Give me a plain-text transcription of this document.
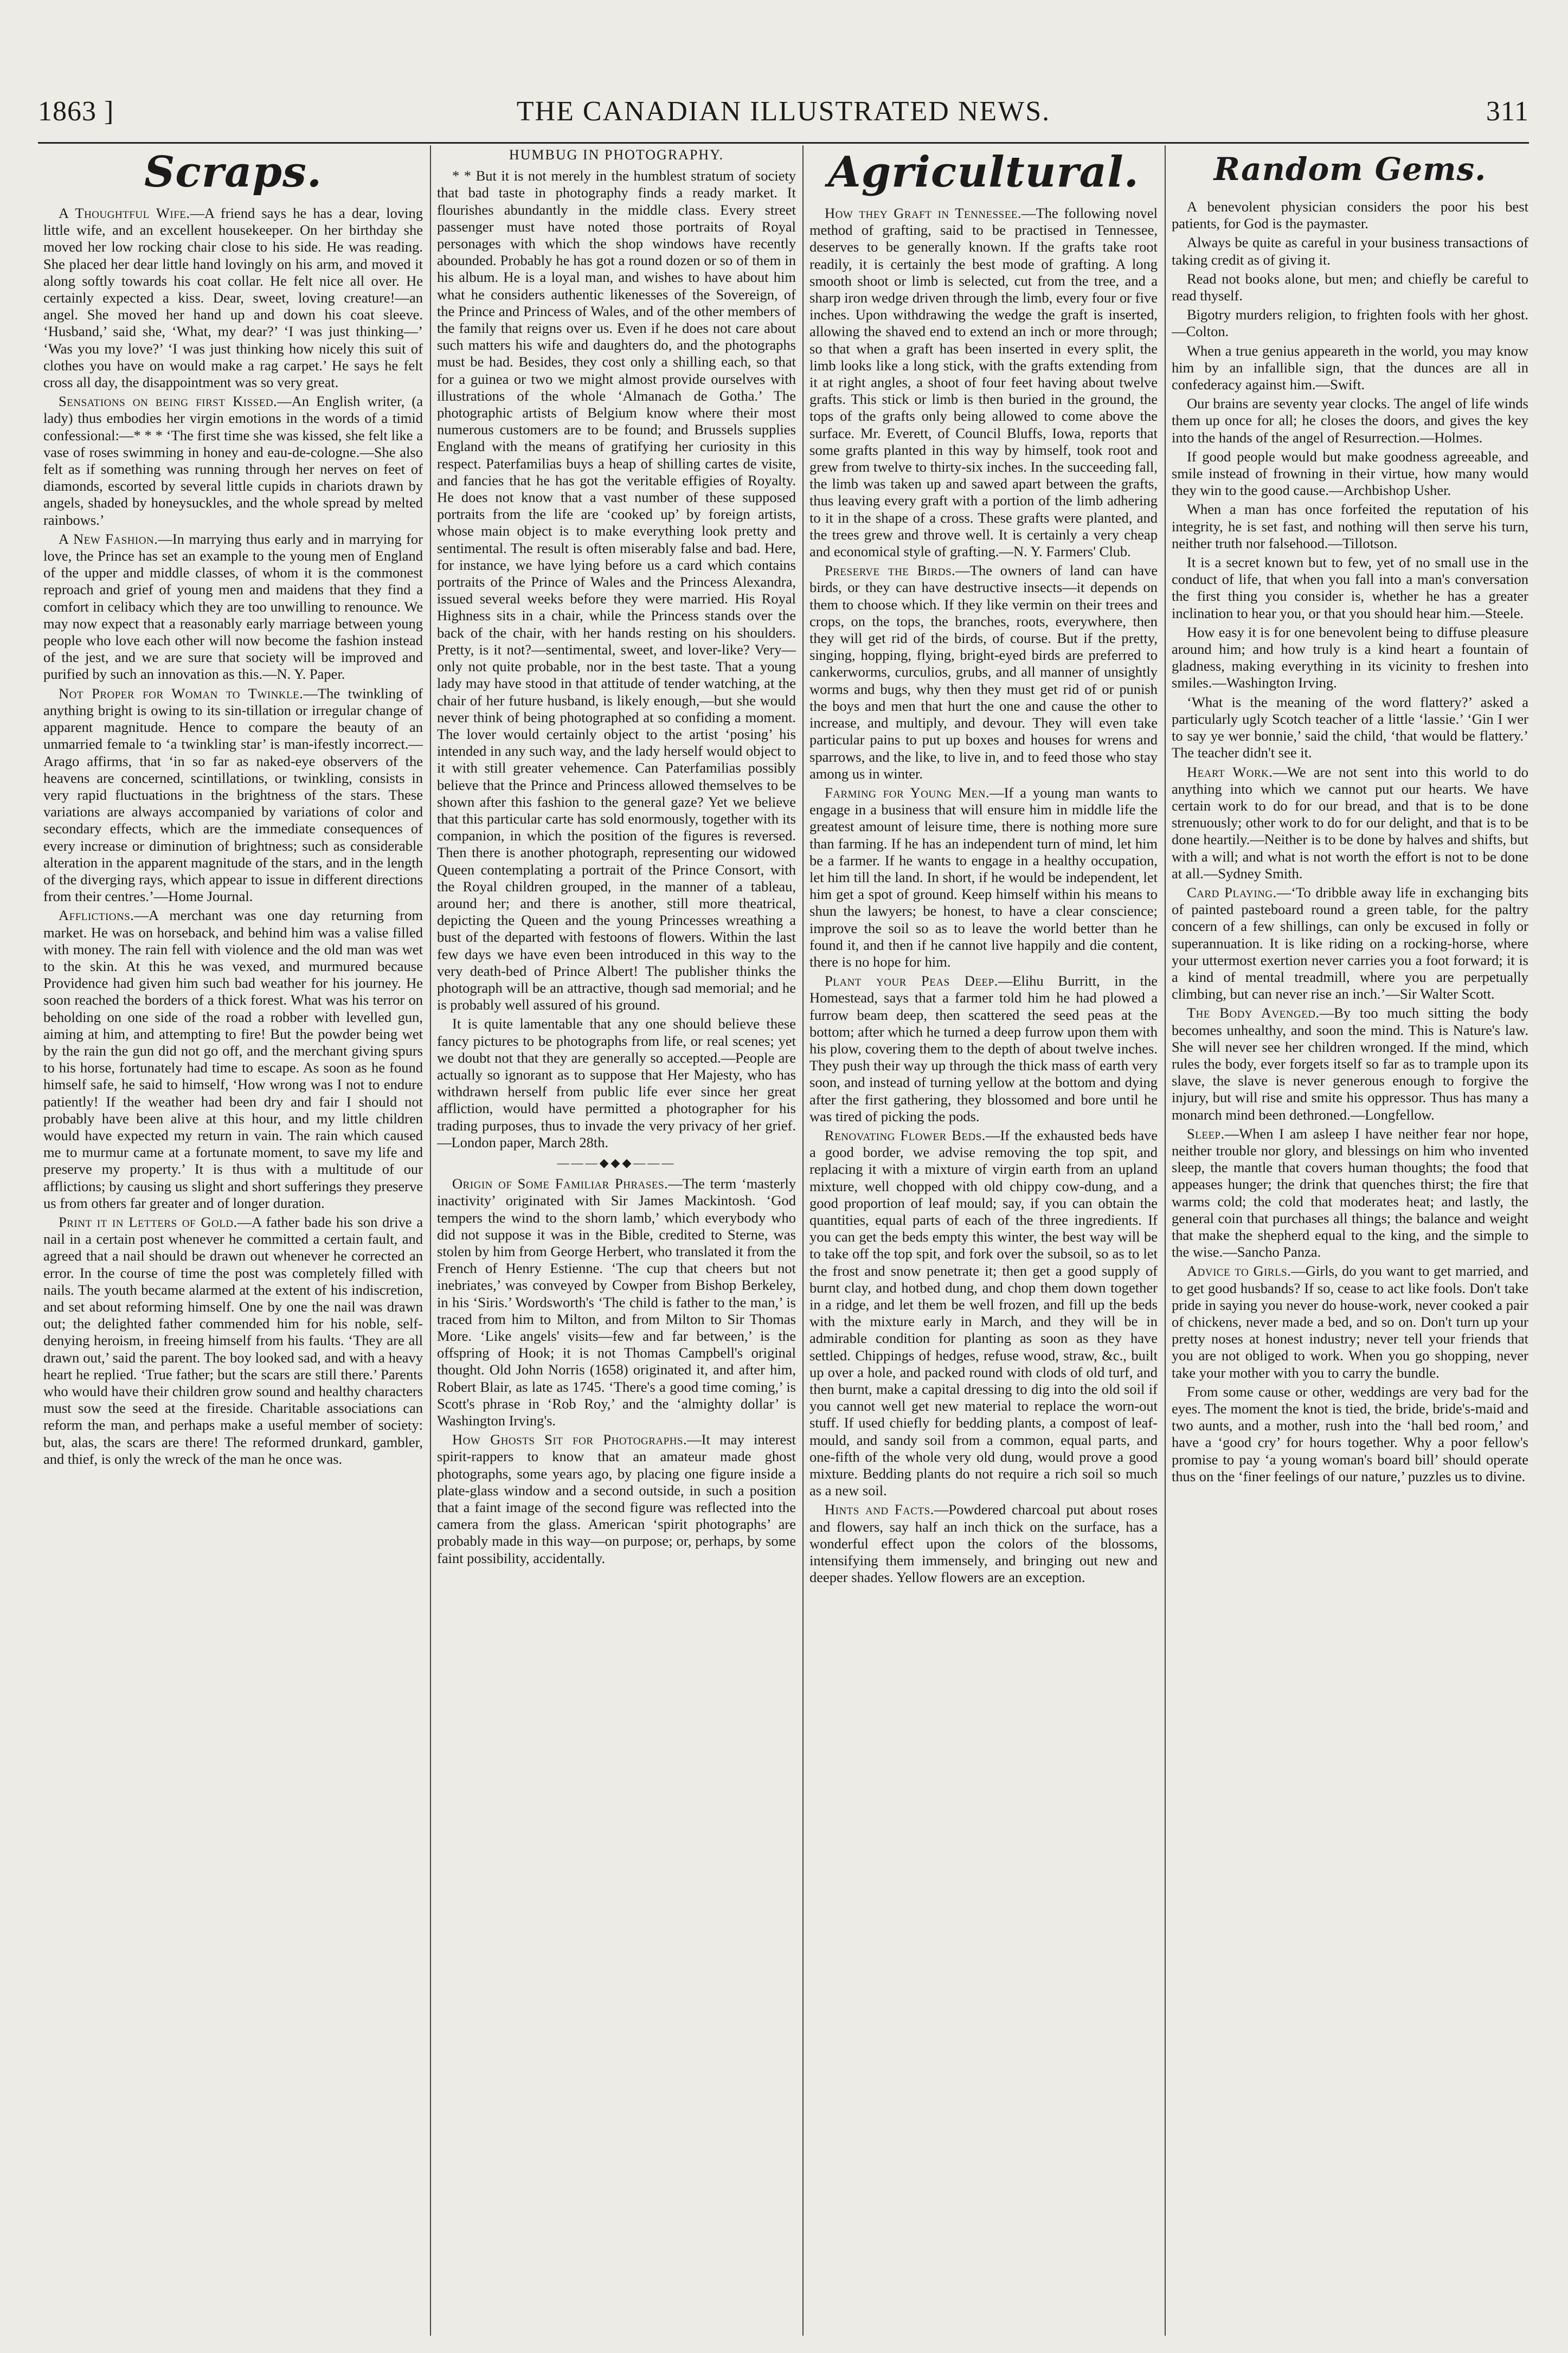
1863 ]	THE CANADIAN ILLUSTRATED NEWS.	311
Scraps.

A Thoughtful Wife.—A friend says he has a dear, loving little wife, and an excellent housekeeper. On her birthday she moved her low rocking chair close to his side. He was reading. She placed her dear little hand lovingly on his arm, and moved it along softly towards his coat collar. He felt nice all over. He certainly expected a kiss. Dear, sweet, loving creature!—an angel. She moved her hand up and down his coat sleeve. ‘Husband,’ said she, ‘What, my dear?’ ‘I was just thinking—’ ‘Was you my love?’ ‘I was just thinking how nicely this suit of clothes you have on would make a rag carpet.’ He says he felt cross all day, the disappointment was so very great.

Sensations on being first Kissed.—An English writer, (a lady) thus embodies her virgin emotions in the words of a timid confessional:—* * * ‘The first time she was kissed, she felt like a vase of roses swimming in honey and eau-de-cologne.—She also felt as if something was running through her nerves on feet of diamonds, escorted by several little cupids in chariots drawn by angels, shaded by honeysuckles, and the whole spread by melted rainbows.’

A New Fashion.—In marrying thus early and in marrying for love, the Prince has set an example to the young men of England of the upper and middle classes, of whom it is the commonest reproach and grief of young men and maidens that they find a comfort in celibacy which they are too unwilling to renounce. We may now expect that a reasonably early marriage between young people who love each other will now become the fashion instead of the jest, and we are sure that society will be improved and purified by such an innovation as this.—N. Y. Paper.

Not Proper for Woman to Twinkle.—The twinkling of anything bright is owing to its sin-tillation or irregular change of apparent magnitude. Hence to compare the beauty of an unmarried female to ‘a twinkling star’ is man-ifestly incorrect.—Arago affirms, that ‘in so far as naked-eye observers of the heavens are concerned, scintillations, or twinkling, consists in very rapid fluctuations in the brightness of the stars. These variations are always accompanied by variations of color and secondary effects, which are the immediate consequences of every increase or diminution of brightness; such as considerable alteration in the apparent magnitude of the stars, and in the length of the diverging rays, which appear to issue in different directions from their centres.’—Home Journal.

Afflictions.—A merchant was one day returning from market. He was on horseback, and behind him was a valise filled with money. The rain fell with violence and the old man was wet to the skin. At this he was vexed, and murmured because Providence had given him such bad weather for his journey. He soon reached the borders of a thick forest. What was his terror on beholding on one side of the road a robber with levelled gun, aiming at him, and attempting to fire! But the powder being wet by the rain the gun did not go off, and the merchant giving spurs to his horse, fortunately had time to escape. As soon as he found himself safe, he said to himself, ‘How wrong was I not to endure patiently! If the weather had been dry and fair I should not probably have been alive at this hour, and my little children would have expected my return in vain. The rain which caused me to murmur came at a fortunate moment, to save my life and preserve my property.’ It is thus with a multitude of our afflictions; by causing us slight and short sufferings they preserve us from others far greater and of longer duration.

Print it in Letters of Gold.—A father bade his son drive a nail in a certain post whenever he committed a certain fault, and agreed that a nail should be drawn out whenever he corrected an error. In the course of time the post was completely filled with nails. The youth became alarmed at the extent of his indiscretion, and set about reforming himself. One by one the nail was drawn out; the delighted father commended him for his noble, self-denying heroism, in freeing himself from his faults. ‘They are all drawn out,’ said the parent. The boy looked sad, and with a heavy heart he replied. ‘True father; but the scars are still there.’ Parents who would have their children grow sound and healthy characters must sow the seed at the fireside. Charitable associations can reform the man, and perhaps make a useful member of society: but, alas, the scars are there! The reformed drunkard, gambler, and thief, is only the wreck of the man he once was.

HUMBUG IN PHOTOGRAPHY.

* * But it is not merely in the humblest stratum of society that bad taste in photography finds a ready market. It flourishes abundantly in the middle class. Every street passenger must have noted those portraits of Royal personages with which the shop windows have recently abounded. Probably he has got a round dozen or so of them in his album. He is a loyal man, and wishes to have about him what he considers authentic likenesses of the Sovereign, of the Prince and Princess of Wales, and of the other members of the family that reigns over us. Even if he does not care about such matters his wife and daughters do, and the photographs must be had. Besides, they cost only a shilling each, so that for a guinea or two we might almost provide ourselves with illustrations of the whole ‘Almanach de Gotha.’ The photographic artists of Belgium know where their most numerous customers are to be found; and Brussels supplies England with the means of gratifying her curiosity in this respect. Paterfamilias buys a heap of shilling cartes de visite, and fancies that he has got the veritable effigies of Royalty. He does not know that a vast number of these supposed portraits from the life are ‘cooked up’ by foreign artists, whose main object is to make everything look pretty and sentimental. The result is often miserably false and bad. Here, for instance, we have lying before us a card which contains portraits of the Prince of Wales and the Princess Alexandra, issued several weeks before they were married. His Royal Highness sits in a chair, while the Princess stands over the back of the chair, with her hands resting on his shoulders. Pretty, is it not?—sentimental, sweet, and lover-like? Very—only not quite probable, nor in the best taste. That a young lady may have stood in that attitude of tender watching, at the chair of her future husband, is likely enough,—but she would never think of being photographed at so confiding a moment. The lover would certainly object to the artist ‘posing’ his intended in any such way, and the lady herself would object to it with still greater vehemence. Can Paterfamilias possibly believe that the Prince and Princess allowed themselves to be shown after this fashion to the general gaze? Yet we believe that this particular carte has sold enormously, together with its companion, in which the position of the figures is reversed. Then there is another photograph, representing our widowed Queen contemplating a portrait of the Prince Consort, with the Royal children grouped, in the manner of a tableau, around her; and there is another, still more theatrical, depicting the Queen and the young Princesses wreathing a bust of the departed with festoons of flowers. Within the last few days we have even been introduced in this way to the very death-bed of Prince Albert! The publisher thinks the photograph will be an attractive, though sad memorial; and he is probably well assured of his ground.

It is quite lamentable that any one should believe these fancy pictures to be photographs from life, or real scenes; yet we doubt not that they are generally so accepted.—People are actually so ignorant as to suppose that Her Majesty, who has withdrawn herself from public life ever since her great affliction, would have permitted a photographer for his trading purposes, thus to invade the very privacy of her grief.—London paper, March 28th.

———◆◆◆———

Origin of Some Familiar Phrases.—The term ‘masterly inactivity’ originated with Sir James Mackintosh. ‘God tempers the wind to the shorn lamb,’ which everybody who did not suppose it was in the Bible, credited to Sterne, was stolen by him from George Herbert, who translated it from the French of Henry Estienne. ‘The cup that cheers but not inebriates,’ was conveyed by Cowper from Bishop Berkeley, in his ‘Siris.’ Wordsworth's ‘The child is father to the man,’ is traced from him to Milton, and from Milton to Sir Thomas More. ‘Like angels' visits—few and far between,’ is the offspring of Hook; it is not Thomas Campbell's original thought. Old John Norris (1658) originated it, and after him, Robert Blair, as late as 1745. ‘There's a good time coming,’ is Scott's phrase in ‘Rob Roy,’ and the ‘almighty dollar’ is Washington Irving's.

How Ghosts Sit for Photographs.—It may interest spirit-rappers to know that an amateur made ghost photographs, some years ago, by placing one figure inside a plate-glass window and a second outside, in such a position that a faint image of the second figure was reflected into the camera from the glass. American ‘spirit photographs’ are probably made in this way—on purpose; or, perhaps, by some faint possibility, accidentally.

Agricultural.

How they Graft in Tennessee.—The following novel method of grafting, said to be practised in Tennessee, deserves to be generally known. If the grafts take root readily, it is certainly the best mode of grafting. A long smooth shoot or limb is selected, cut from the tree, and a sharp iron wedge driven through the limb, every four or five inches. Upon withdrawing the wedge the graft is inserted, allowing the shaved end to extend an inch or more through; so that when a graft has been inserted in every split, the limb looks like a long stick, with the grafts extending from it at right angles, a shoot of four feet having about twelve grafts. This stick or limb is then buried in the ground, the tops of the grafts only being allowed to come above the surface. Mr. Everett, of Council Bluffs, Iowa, reports that some grafts planted in this way by himself, took root and grew from twelve to thirty-six inches. In the succeeding fall, the limb was taken up and sawed apart between the grafts, thus leaving every graft with a portion of the limb adhering to it in the shape of a cross. These grafts were planted, and the trees grew and throve well. It is certainly a very cheap and economical style of grafting.—N. Y. Farmers' Club.

Preserve the Birds.—The owners of land can have birds, or they can have destructive insects—it depends on them to choose which. If they like vermin on their trees and crops, on the tops, the branches, roots, everywhere, then they will get rid of the birds, of course. But if the pretty, singing, hopping, flying, bright-eyed birds are preferred to cankerworms, curculios, grubs, and all manner of unsightly worms and bugs, why then they must get rid of or punish the boys and men that hurt the one and cause the other to increase, and multiply, and devour. They will even take particular pains to put up boxes and houses for wrens and sparrows, and the like, to live in, and to feed those who stay among us in winter.

Farming for Young Men.—If a young man wants to engage in a business that will ensure him in middle life the greatest amount of leisure time, there is nothing more sure than farming. If he has an independent turn of mind, let him be a farmer. If he wants to engage in a healthy occupation, let him till the land. In short, if he would be independent, let him get a spot of ground. Keep himself within his means to shun the lawyers; be honest, to have a clear conscience; improve the soil so as to leave the world better than he found it, and then if he cannot live happily and die content, there is no hope for him.

Plant your Peas Deep.—Elihu Burritt, in the Homestead, says that a farmer told him he had plowed a furrow beam deep, then scattered the seed peas at the bottom; after which he turned a deep furrow upon them with his plow, covering them to the depth of about twelve inches. They push their way up through the thick mass of earth very soon, and instead of turning yellow at the bottom and dying after the first gathering, they blossomed and bore until he was tired of picking the pods.

Renovating Flower Beds.—If the exhausted beds have a good border, we advise removing the top spit, and replacing it with a mixture of virgin earth from an upland mixture, well chopped with old chippy cow-dung, and a good proportion of leaf mould; say, if you can obtain the quantities, equal parts of each of the three ingredients. If you can get the beds empty this winter, the best way will be to take off the top spit, and fork over the subsoil, so as to let the frost and snow penetrate it; then get a good supply of burnt clay, and hotbed dung, and chop them down together in a ridge, and let them be well frozen, and fill up the beds with the mixture early in March, and they will be in admirable condition for planting as soon as they have settled. Chippings of hedges, refuse wood, straw, &c., built up over a hole, and packed round with clods of old turf, and then burnt, make a capital dressing to dig into the old soil if you cannot well get new material to replace the worn-out stuff. If used chiefly for bedding plants, a compost of leaf-mould, and sandy soil from a common, equal parts, and one-fifth of the whole very old dung, would prove a good mixture. Bedding plants do not require a rich soil so much as a new soil.

Hints and Facts.—Powdered charcoal put about roses and flowers, say half an inch thick on the surface, has a wonderful effect upon the colors of the blossoms, intensifying them immensely, and bringing out new and deeper shades. Yellow flowers are an exception.

Random Gems.

A benevolent physician considers the poor his best patients, for God is the paymaster.

Always be quite as careful in your business transactions of taking credit as of giving it.

Read not books alone, but men; and chiefly be careful to read thyself.

Bigotry murders religion, to frighten fools with her ghost.—Colton.

When a true genius appeareth in the world, you may know him by an infallible sign, that the dunces are all in confederacy against him.—Swift.

Our brains are seventy year clocks. The angel of life winds them up once for all; he closes the doors, and gives the key into the hands of the angel of Resurrection.—Holmes.

If good people would but make goodness agreeable, and smile instead of frowning in their virtue, how many would they win to the good cause.—Archbishop Usher.

When a man has once forfeited the reputation of his integrity, he is set fast, and nothing will then serve his turn, neither truth nor falsehood.—Tillotson.

It is a secret known but to few, yet of no small use in the conduct of life, that when you fall into a man's conversation the first thing you consider is, whether he has a greater inclination to hear you, or that you should hear him.—Steele.

How easy it is for one benevolent being to diffuse pleasure around him; and how truly is a kind heart a fountain of gladness, making everything in its vicinity to freshen into smiles.—Washington Irving.

‘What is the meaning of the word flattery?’ asked a particularly ugly Scotch teacher of a little ‘lassie.’ ‘Gin I wer to say ye wer bonnie,’ said the child, ‘that would be flattery.’ The teacher didn't see it.

Heart Work.—We are not sent into this world to do anything into which we cannot put our hearts. We have certain work to do for our bread, and that is to be done strenuously; other work to do for our delight, and that is to be done heartily.—Neither is to be done by halves and shifts, but with a will; and what is not worth the effort is not to be done at all.—Sydney Smith.

Card Playing.—‘To dribble away life in exchanging bits of painted pasteboard round a green table, for the paltry concern of a few shillings, can only be excused in folly or superannuation. It is like riding on a rocking-horse, where your uttermost exertion never carries you a foot forward; it is a kind of mental treadmill, where you are perpetually climbing, but can never rise an inch.’—Sir Walter Scott.

The Body Avenged.—By too much sitting the body becomes unhealthy, and soon the mind. This is Nature's law. She will never see her children wronged. If the mind, which rules the body, ever forgets itself so far as to trample upon its slave, the slave is never generous enough to forgive the injury, but will rise and smite his oppressor. Thus has many a monarch mind been dethroned.—Longfellow.

Sleep.—When I am asleep I have neither fear nor hope, neither trouble nor glory, and blessings on him who invented sleep, the mantle that covers human thoughts; the food that appeases hunger; the drink that quenches thirst; the fire that warms cold; the cold that moderates heat; and lastly, the general coin that purchases all things; the balance and weight that make the shepherd equal to the king, and the simple to the wise.—Sancho Panza.

Advice to Girls.—Girls, do you want to get married, and to get good husbands? If so, cease to act like fools. Don't take pride in saying you never do house-work, never cooked a pair of chickens, never made a bed, and so on. Don't turn up your pretty noses at honest industry; never tell your friends that you are not obliged to work. When you go shopping, never take your mother with you to carry the bundle.

From some cause or other, weddings are very bad for the eyes. The moment the knot is tied, the bride, bride's-maid and two aunts, and a mother, rush into the ‘hall bed room,’ and have a ‘good cry’ for hours together. Why a poor fellow's promise to pay ‘a young woman's board bill’ should operate thus on the ‘finer feelings of our nature,’ puzzles us to divine.
